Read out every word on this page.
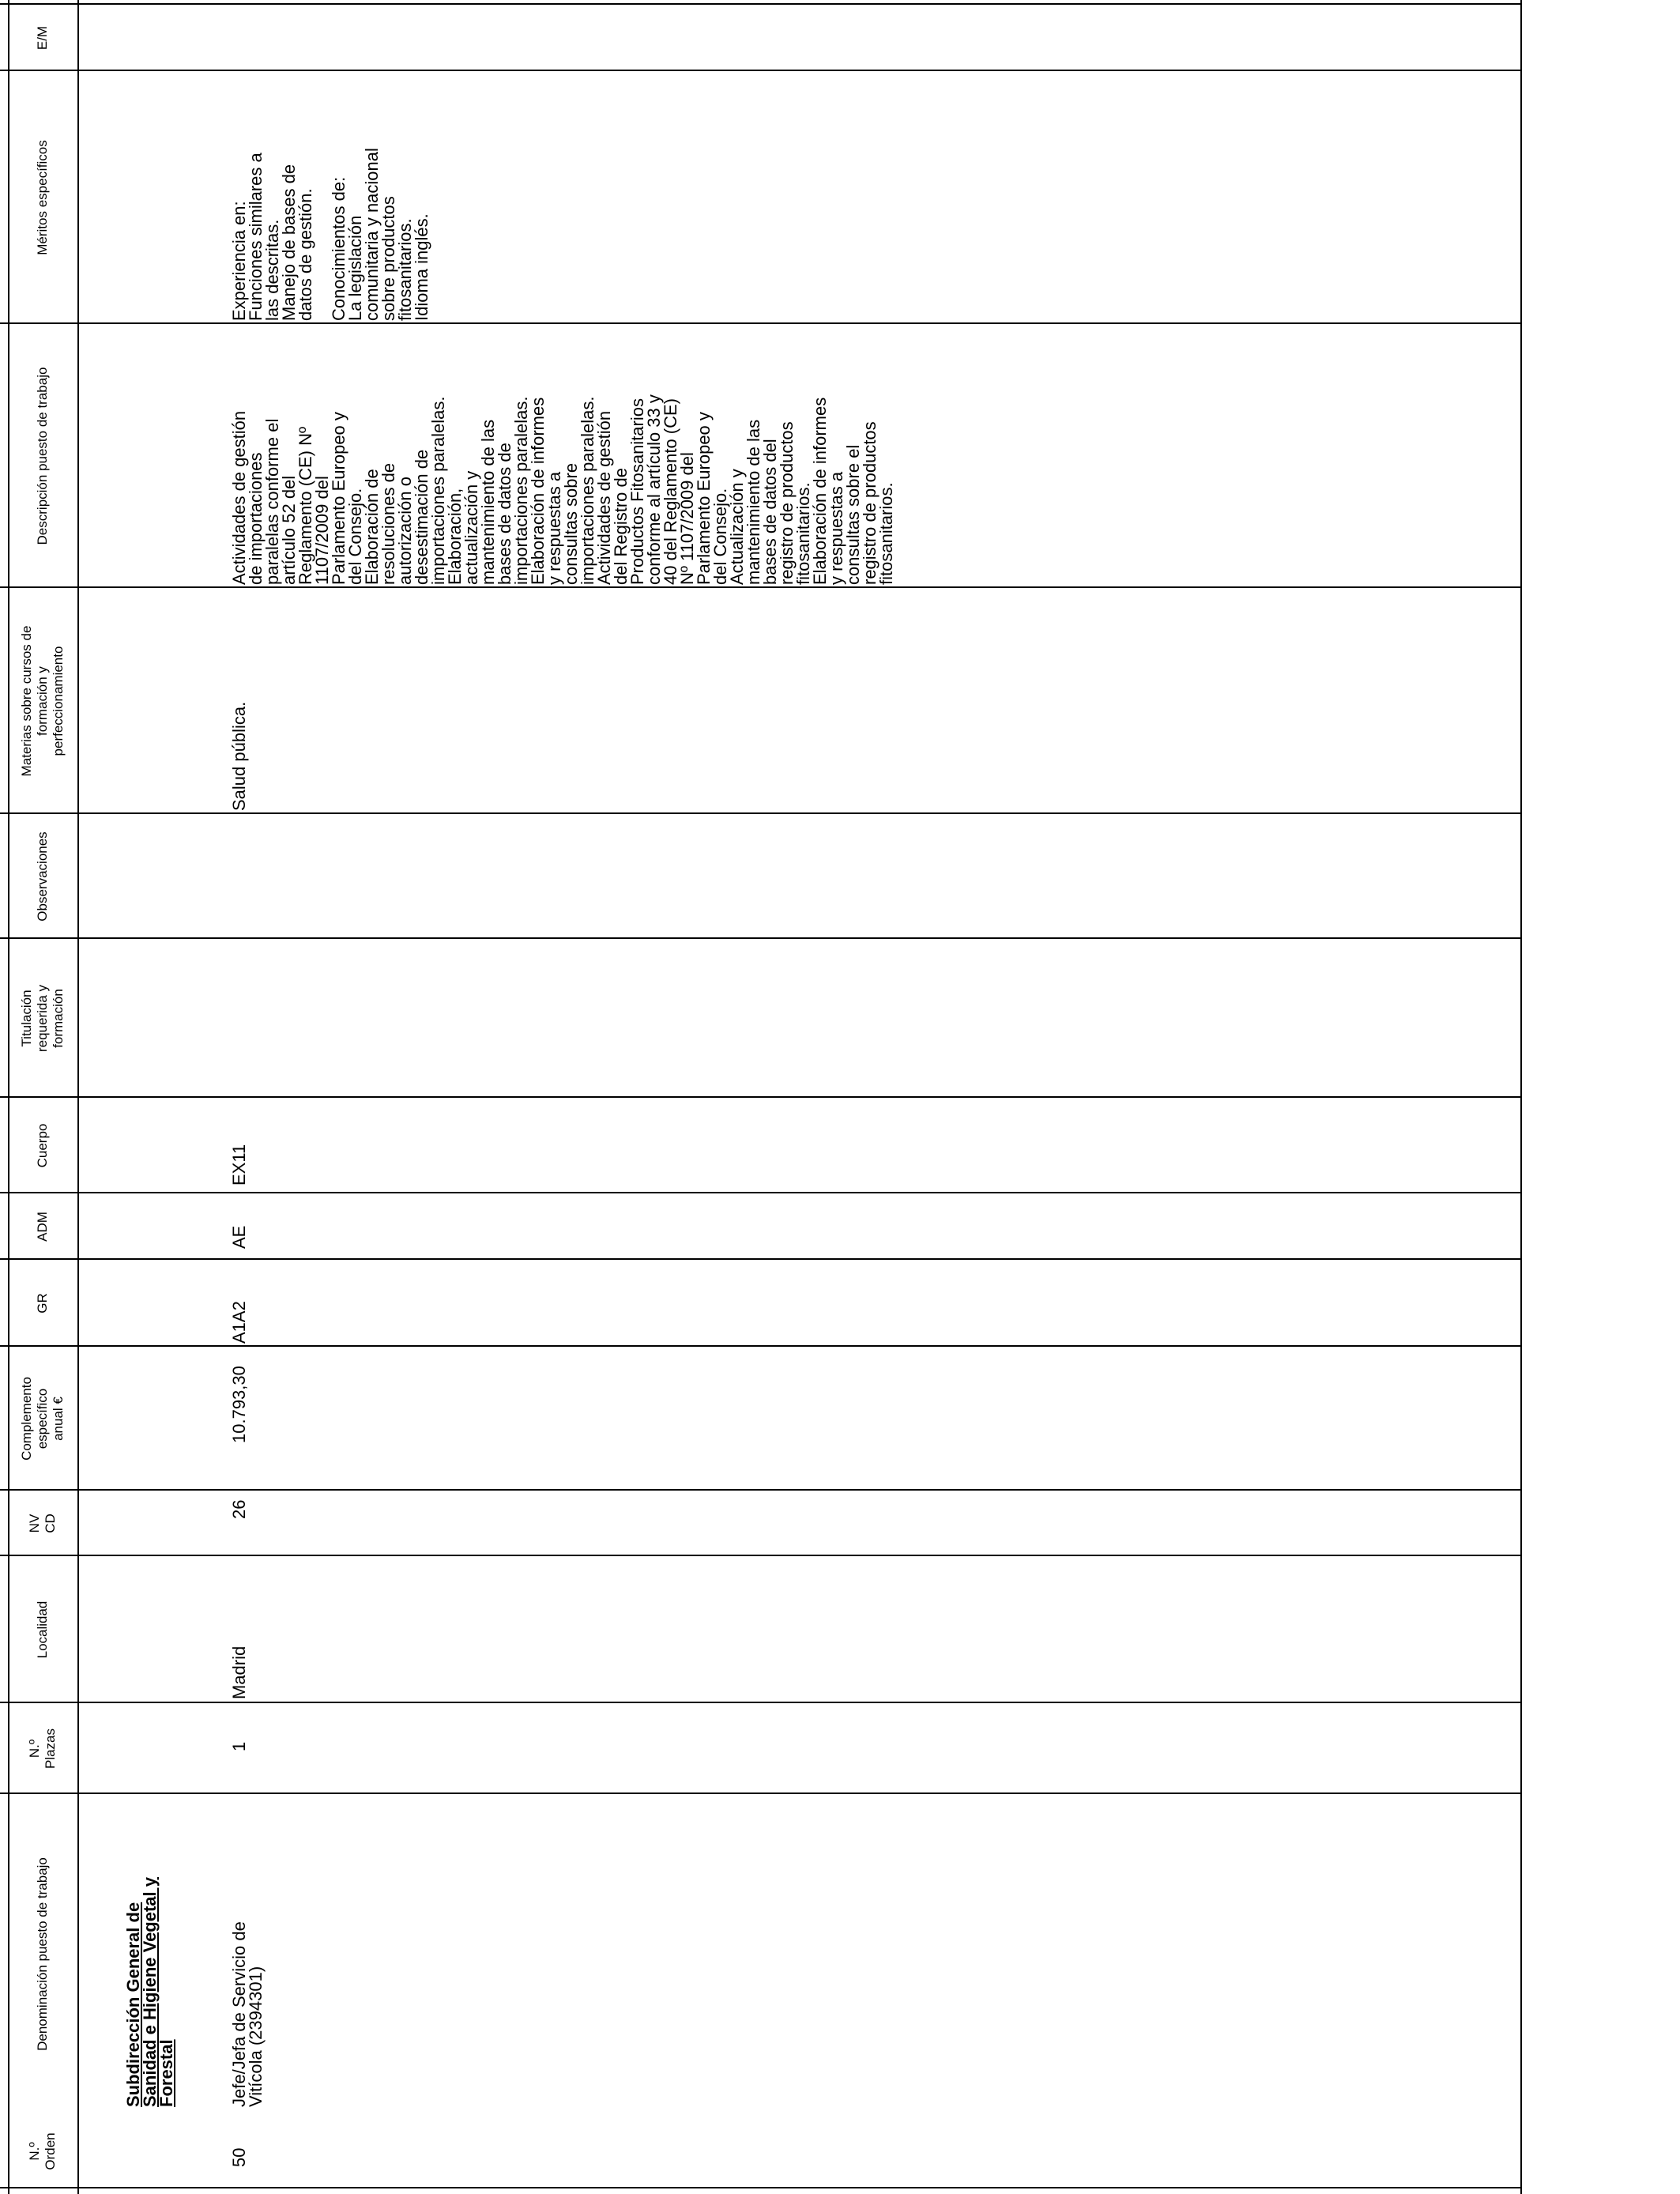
N.º
Orden
Denominación puesto de trabajo
N.º
Plazas
Localidad
NV
CD
Complemento
específico
anual €
GR
ADM
Cuerpo
Titulación
requerida y
formación
Observaciones
Materias sobre cursos de
formación y
perfeccionamiento
Descripción puesto de trabajo
Méritos específicos
E/M
Subdirección General de
Sanidad e Higiene Vegetal y
Forestal
50
Jefe/Jefa de Servicio de
Vitícola (2394301)
1
Madrid
26
10.793,30
A1A2
AE
EX11
Salud pública.
Actividades de gestión
de importaciones
paralelas conforme el
artículo 52 del
Reglamento (CE) Nº
1107/2009 del
Parlamento Europeo y
del Consejo.
Elaboración de
resoluciones de
autorización o
desestimación de
importaciones paralelas.
Elaboración,
actualización y
mantenimiento de las
bases de datos de
importaciones paralelas.
Elaboración de informes
y respuestas a
consultas sobre
importaciones paralelas.
Actividades de gestión
del Registro de
Productos Fitosanitarios
conforme al artículo 33 y
40 del Reglamento (CE)
Nº 1107/2009 del
Parlamento Europeo y
del Consejo.
Actualización y
mantenimiento de las
bases de datos del
registro de productos
fitosanitarios.
Elaboración de informes
y respuestas a
consultas sobre el
registro de productos
fitosanitarios.
Experiencia en:
Funciones similares a
las descritas.
Manejo de bases de
datos de gestión.

Conocimientos de:
La legislación
comunitaria y nacional
sobre productos
fitosanitarios.
Idioma inglés.
